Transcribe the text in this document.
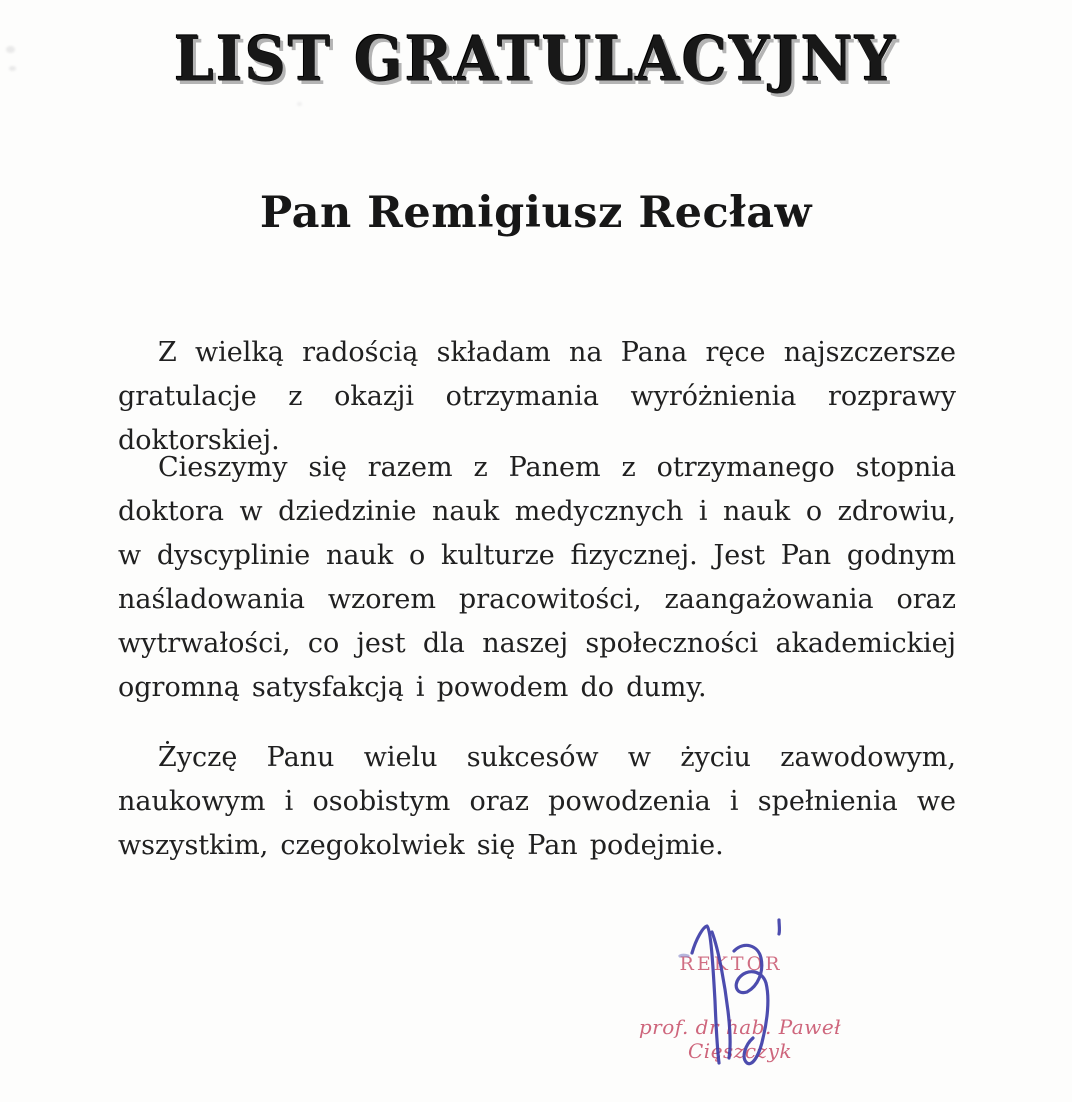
LIST GRATULACYJNY
Pan Remigiusz Recław

Z wielką radością składam na Pana ręce najszczersze gratulacje z okazji otrzymania wyróżnienia rozprawy doktorskiej.

Cieszymy się razem z Panem z otrzymanego stopnia doktora w dziedzinie nauk medycznych i nauk o zdrowiu, w dyscyplinie nauk o kulturze fizycznej. Jest Pan godnym naśladowania wzorem pracowitości, zaangażowania oraz wytrwałości, co jest dla naszej społeczności akademickiej ogromną satysfakcją i powodem do dumy.

Życzę Panu wielu sukcesów w życiu zawodowym, naukowym i osobistym oraz powodzenia i spełnienia we wszystkim, czegokolwiek się Pan podejmie.

REKTOR
prof. dr hab. Paweł Cięszczyk
